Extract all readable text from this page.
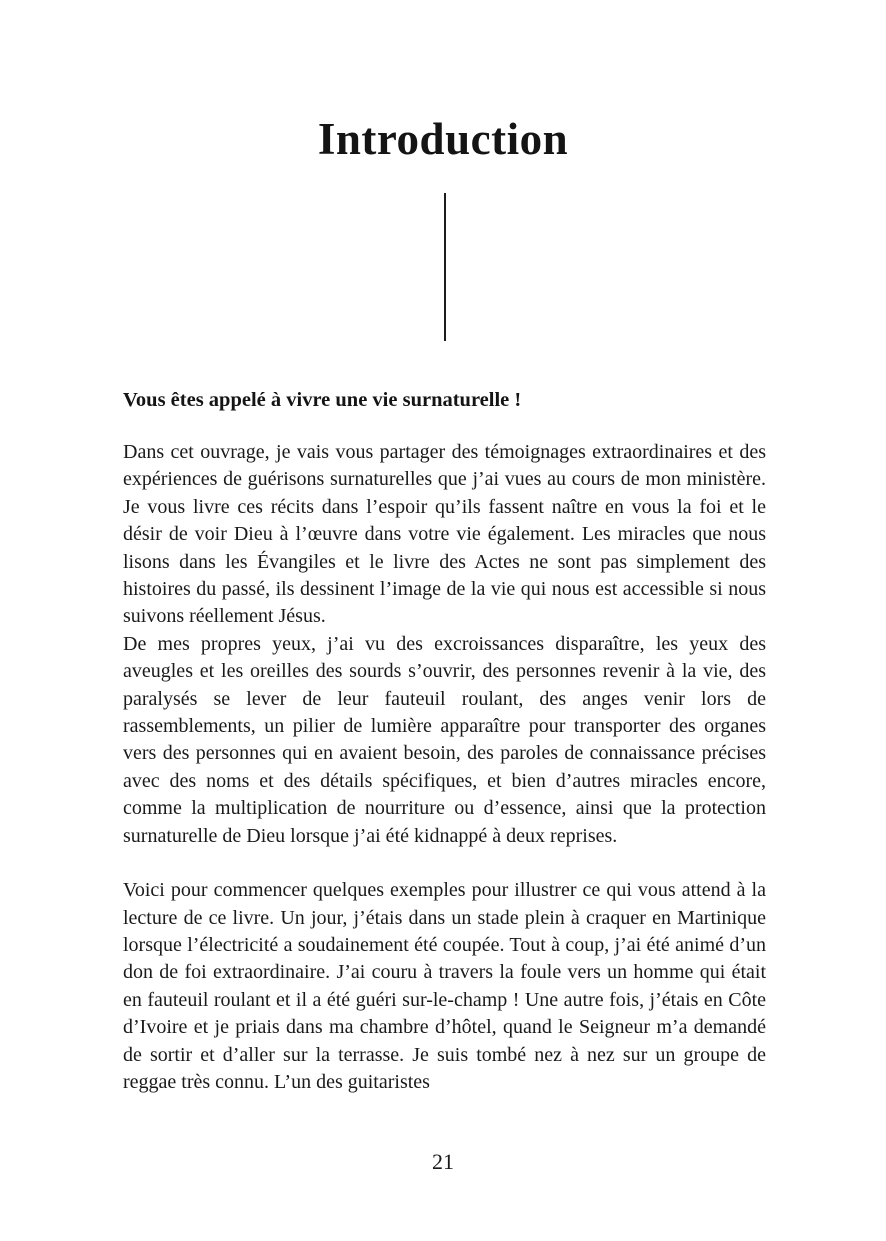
Introduction
Vous êtes appelé à vivre une vie surnaturelle !

Dans cet ouvrage, je vais vous partager des témoignages extraordinaires et des expériences de guérisons surnaturelles que j’ai vues au cours de mon ministère. Je vous livre ces récits dans l’espoir qu’ils fassent naître en vous la foi et le désir de voir Dieu à l’œuvre dans votre vie également. Les miracles que nous lisons dans les Évangiles et le livre des Actes ne sont pas simplement des histoires du passé, ils dessinent l’image de la vie qui nous est accessible si nous suivons réellement Jésus.

De mes propres yeux, j’ai vu des excroissances disparaître, les yeux des aveugles et les oreilles des sourds s’ouvrir, des personnes revenir à la vie, des paralysés se lever de leur fauteuil roulant, des anges venir lors de rassemblements, un pilier de lumière apparaître pour transporter des organes vers des personnes qui en avaient besoin, des paroles de connaissance précises avec des noms et des détails spécifiques, et bien d’autres miracles encore, comme la multiplication de nourriture ou d’essence, ainsi que la protection surnaturelle de Dieu lorsque j’ai été kidnappé à deux reprises.

Voici pour commencer quelques exemples pour illustrer ce qui vous attend à la lecture de ce livre. Un jour, j’étais dans un stade plein à craquer en Martinique lorsque l’électricité a soudainement été coupée. Tout à coup, j’ai été animé d’un don de foi extraordinaire. J’ai couru à travers la foule vers un homme qui était en fauteuil roulant et il a été guéri sur-le-champ ! Une autre fois, j’étais en Côte d’Ivoire et je priais dans ma chambre d’hôtel, quand le Seigneur m’a demandé de sortir et d’aller sur la terrasse. Je suis tombé nez à nez sur un groupe de reggae très connu. L’un des guitaristes

21
